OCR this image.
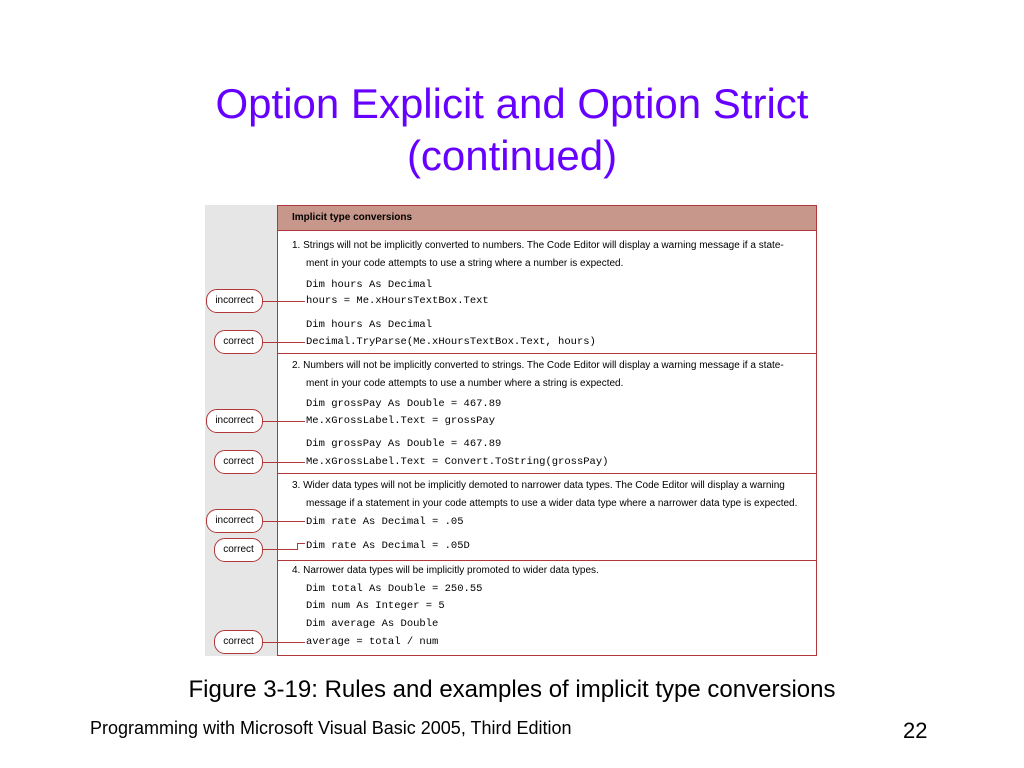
Option Explicit and Option Strict
(continued)
Implicit type conversions
1. Strings will not be implicitly converted to numbers. The Code Editor will display a warning message if a state-
ment in your code attempts to use a string where a number is expected.
Dim hours As Decimal
hours = Me.xHoursTextBox.Text
Dim hours As Decimal
Decimal.TryParse(Me.xHoursTextBox.Text, hours)
2. Numbers will not be implicitly converted to strings. The Code Editor will display a warning message if a state-
ment in your code attempts to use a number where a string is expected.
Dim grossPay As Double = 467.89
Me.xGrossLabel.Text = grossPay
Dim grossPay As Double = 467.89
Me.xGrossLabel.Text = Convert.ToString(grossPay)
3. Wider data types will not be implicitly demoted to narrower data types. The Code Editor will display a warning
message if a statement in your code attempts to use a wider data type where a narrower data type is expected.
Dim rate As Decimal = .05
Dim rate As Decimal = .05D
4. Narrower data types will be implicitly promoted to wider data types.
Dim total As Double = 250.55
Dim num As Integer = 5
Dim average As Double
average = total / num
incorrect
correct
incorrect
correct
incorrect
correct
correct
Figure 3-19: Rules and examples of implicit type conversions
Programming with Microsoft Visual Basic 2005, Third Edition	22
